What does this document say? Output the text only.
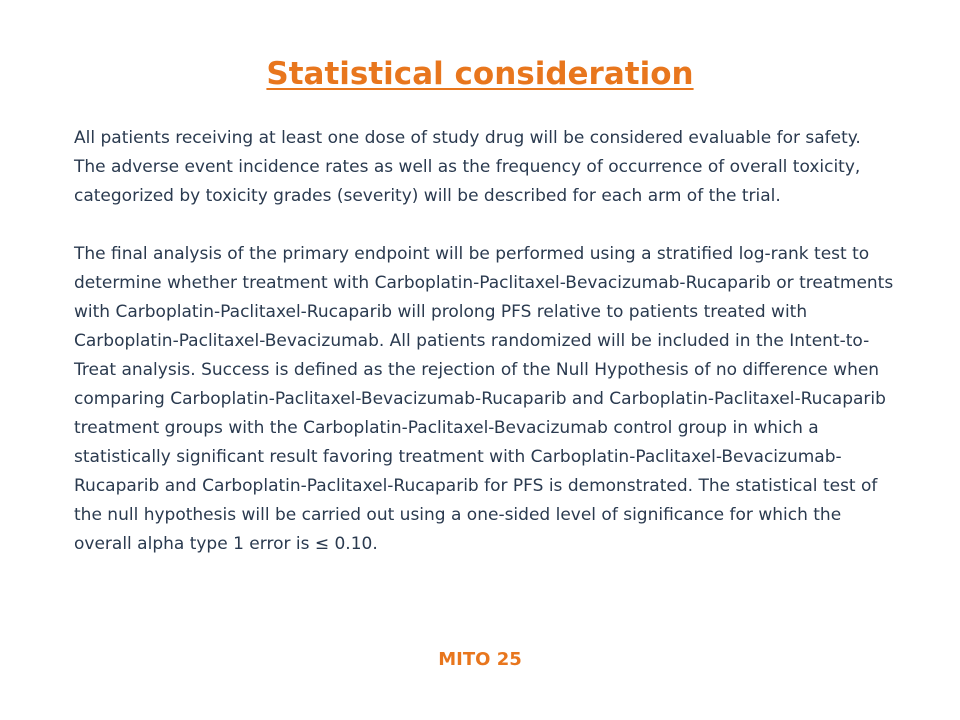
Statistical consideration

All patients receiving at least one dose of study drug will be considered evaluable for safety. The adverse event incidence rates as well as the frequency of occurrence of overall toxicity, categorized by toxicity grades (severity) will be described for each arm of the trial.

The final analysis of the primary endpoint will be performed using a stratified log-rank test to determine whether treatment with Carboplatin-Paclitaxel-Bevacizumab-Rucaparib or treatments with Carboplatin-Paclitaxel-Rucaparib will prolong PFS relative to patients treated with Carboplatin-Paclitaxel-Bevacizumab. All patients randomized will be included in the Intent-to-Treat analysis. Success is defined as the rejection of the Null Hypothesis of no difference when comparing Carboplatin-Paclitaxel-Bevacizumab-Rucaparib and Carboplatin-Paclitaxel-Rucaparib treatment groups with the Carboplatin-Paclitaxel-Bevacizumab control group in which a statistically significant result favoring treatment with Carboplatin-Paclitaxel-Bevacizumab-Rucaparib and Carboplatin-Paclitaxel-Rucaparib for PFS is demonstrated. The statistical test of the null hypothesis will be carried out using a one-sided level of significance for which the overall alpha type 1 error is ≤ 0.10.

MITO 25
